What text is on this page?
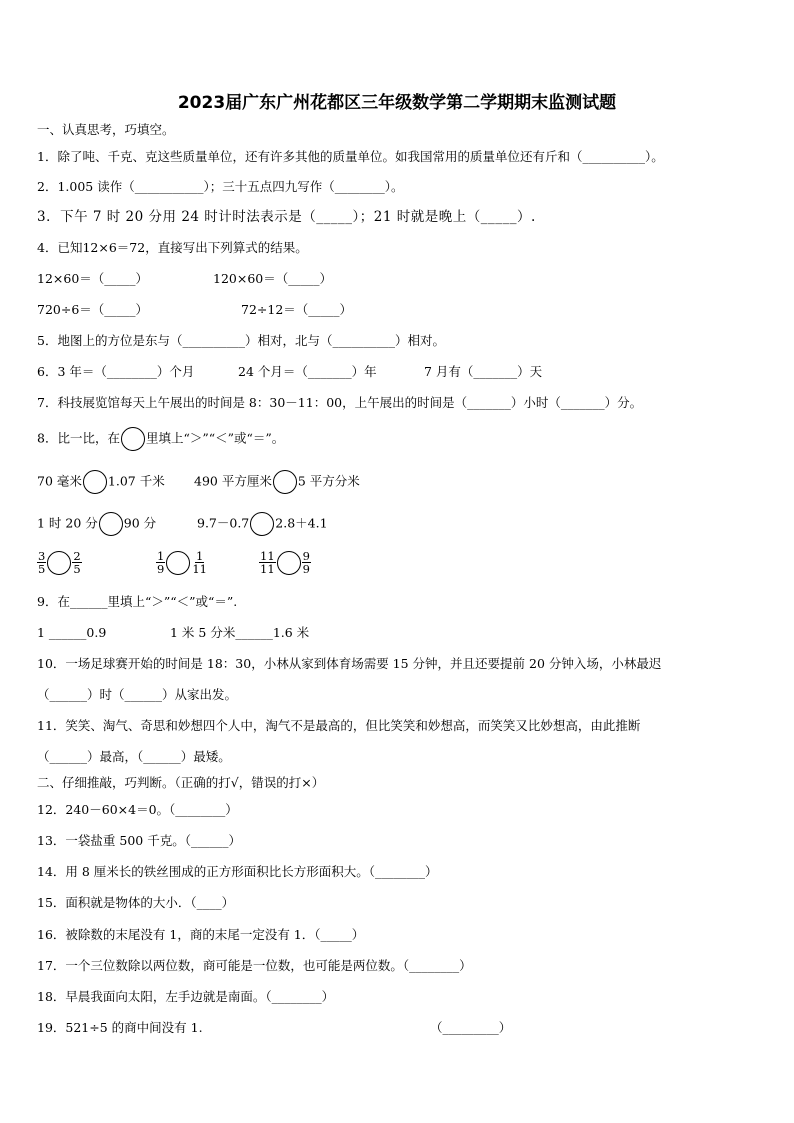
2023届广东广州花都区三年级数学第二学期期末监测试题
一、认真思考，巧填空。
1．除了吨、千克、克这些质量单位，还有许多其他的质量单位。如我国常用的质量单位还有斤和（__________）。
2．1.005 读作（___________）；三十五点四九写作（________）。
3．下午 7 时 20 分用 24 时计时法表示是（_____）；21 时就是晚上（_____）.
4．已知12×6＝72，直接写出下列算式的结果。
12×60＝（_____）	120×60＝（_____）
720÷6＝（_____）	72÷12＝（_____）
5．地图上的方位是东与（__________）相对，北与（__________）相对。
6．3 年＝（________）个月	24 个月＝（_______）年	7 月有（_______）天
7．科技展览馆每天上午展出的时间是 8：30－11：00，上午展出的时间是（_______）小时（_______）分。
8．比一比，在 里填上“＞”“＜”或“＝”。
70 毫米 1.07 千米 490 平方厘米 5 平方分米
1 时 20 分 90 分	9.7－0.7 2.8＋4.1
$\frac{3}{5} \frac{2}{5}$	$\frac{1}{9} \frac{1}{11}$	$\frac{11}{11} \frac{9}{9}$
9．在______里填上“＞”“＜”或“＝”.
1 ______0.9	1 米 5 分米______1.6 米
10．一场足球赛开始的时间是 18：30，小林从家到体育场需要 15 分钟，并且还要提前 20 分钟入场，小林最迟
（______）时（______）从家出发。
11．笑笑、淘气、奇思和妙想四个人中，淘气不是最高的，但比笑笑和妙想高，而笑笑又比妙想高，由此推断
（______）最高，（______）最矮。
二、仔细推敲，巧判断。（正确的打√，错误的打×）
12．240－60×4＝0。（________）
13．一袋盐重 500 千克。（______）
14．用 8 厘米长的铁丝围成的正方形面积比长方形面积大。（________）
15．面积就是物体的大小．（____）
16．被除数的末尾没有 1，商的末尾一定没有 1．（_____）
17．一个三位数除以两位数，商可能是一位数，也可能是两位数。（________）
18．早晨我面向太阳，左手边就是南面。（________）
19．521÷5 的商中间没有 1.	（_________）
